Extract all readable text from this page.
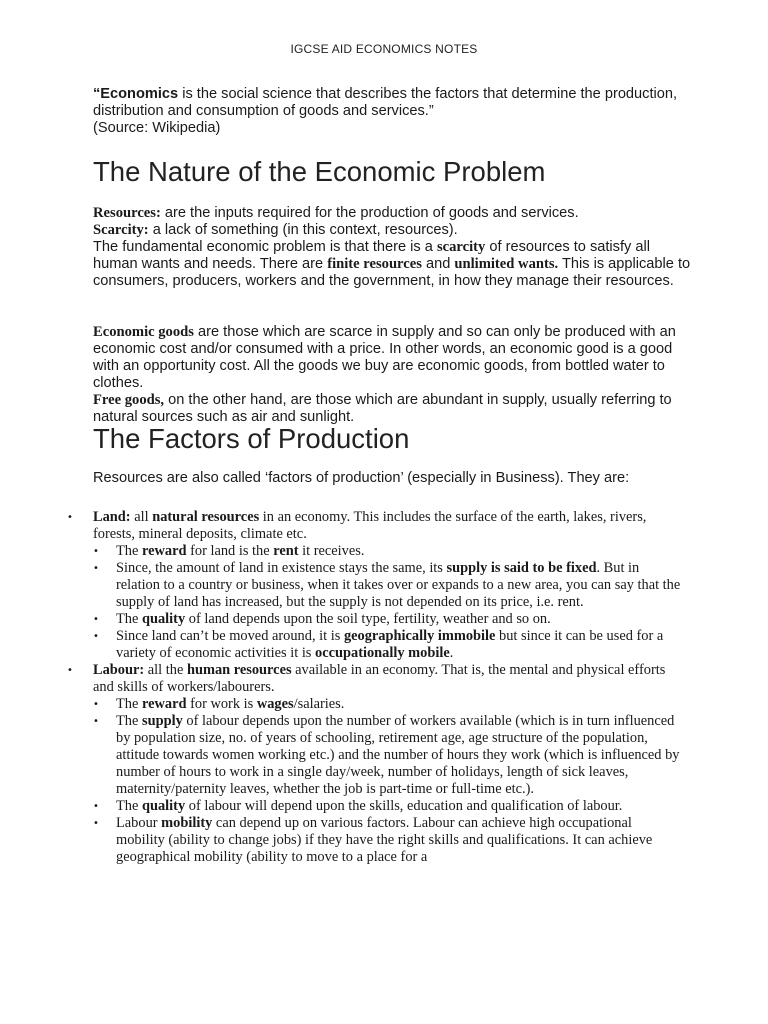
IGCSE AID ECONOMICS NOTES
“Economics is the social science that describes the factors that determine the production, distribution and consumption of goods and services.”
(Source: Wikipedia)
The Nature of the Economic Problem
Resources: are the inputs required for the production of goods and services.
Scarcity: a lack of something (in this context, resources).
The fundamental economic problem is that there is a scarcity of resources to satisfy all human wants and needs. There are finite resources and unlimited wants. This is applicable to consumers, producers, workers and the government, in how they manage their resources.
Economic goods are those which are scarce in supply and so can only be produced with an economic cost and/or consumed with a price. In other words, an economic good is a good with an opportunity cost. All the goods we buy are economic goods, from bottled water to clothes.
Free goods, on the other hand, are those which are abundant in supply, usually referring to natural sources such as air and sunlight.
The Factors of Production
Resources are also called ‘factors of production’ (especially in Business). They are:
• Land: all natural resources in an economy. This includes the surface of the earth, lakes, rivers, forests, mineral deposits, climate etc.
• The reward for land is the rent it receives.
• Since, the amount of land in existence stays the same, its supply is said to be fixed. But in relation to a country or business, when it takes over or expands to a new area, you can say that the supply of land has increased, but the supply is not depended on its price, i.e. rent.
• The quality of land depends upon the soil type, fertility, weather and so on.
• Since land can’t be moved around, it is geographically immobile but since it can be used for a variety of economic activities it is occupationally mobile.
• Labour: all the human resources available in an economy. That is, the mental and physical efforts and skills of workers/labourers.
• The reward for work is wages/salaries.
• The supply of labour depends upon the number of workers available (which is in turn influenced by population size, no. of years of schooling, retirement age, age structure of the population, attitude towards women working etc.) and the number of hours they work (which is influenced by number of hours to work in a single day/week, number of holidays, length of sick leaves, maternity/paternity leaves, whether the job is part-time or full-time etc.).
• The quality of labour will depend upon the skills, education and qualification of labour.
• Labour mobility can depend up on various factors. Labour can achieve high occupational mobility (ability to change jobs) if they have the right skills and qualifications. It can achieve geographical mobility (ability to move to a place for a
